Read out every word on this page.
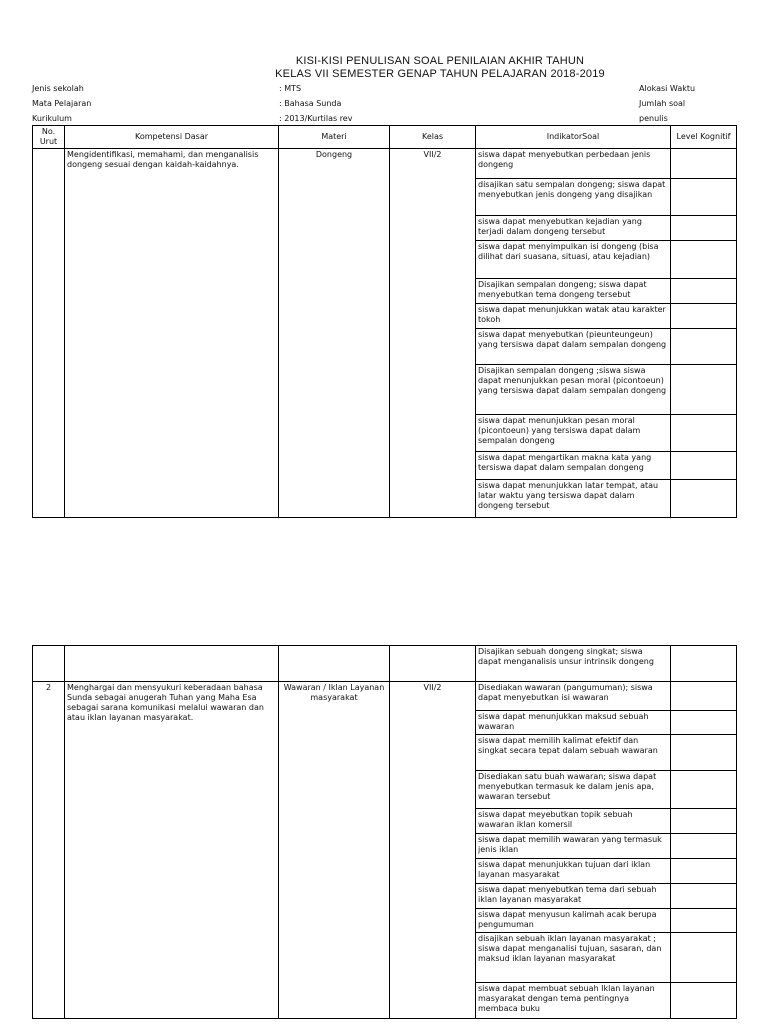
KISI-KISI PENULISAN SOAL PENILAIAN AKHIR TAHUN
KELAS VII SEMESTER GENAP TAHUN PELAJARAN 2018-2019
Jenis sekolah	: MTS
Mata Pelajaran	: Bahasa Sunda
Kurikulum	: 2013/Kurtilas rev
Alokasi Waktu
Jumlah soal
penulis
No.
Urut	Kompetensi Dasar	Materi	Kelas	IndikatorSoal	Level Kognitif
	Mengidentifikasi, memahami, dan menganalisis dongeng sesuai dengan kaidah-kaidahnya.	Dongeng	VII/2	siswa dapat menyebutkan perbedaan jenis dongeng	
				disajikan satu sempalan dongeng; siswa dapat menyebutkan jenis dongeng yang disajikan	
				siswa dapat menyebutkan kejadian yang terjadi dalam dongeng tersebut	
				siswa dapat menyimpulkan isi dongeng (bisa dilihat dari suasana, situasi, atau kejadian)	
				Disajikan sempalan dongeng; siswa dapat menyebutkan tema dongeng tersebut	
				siswa dapat menunjukkan watak atau karakter tokoh	
				siswa dapat menyebutkan (pieunteungeun) yang tersiswa dapat dalam sempalan dongeng	
				Disajikan sempalan dongeng ;siswa siswa dapat menunjukkan pesan moral (picontoeun) yang tersiswa dapat dalam sempalan dongeng	
				siswa dapat menunjukkan pesan moral (picontoeun) yang tersiswa dapat dalam sempalan dongeng	
				siswa dapat mengartikan makna kata yang tersiswa dapat dalam sempalan dongeng	
				siswa dapat menunjukkan latar tempat, atau latar waktu yang tersiswa dapat dalam dongeng tersebut	
				Disajikan sebuah dongeng singkat; siswa dapat menganalisis unsur intrinsik dongeng	
2	Menghargai dan mensyukuri keberadaan bahasa Sunda sebagai anugerah Tuhan yang Maha Esa sebagai sarana komunikasi melalui wawaran dan atau iklan layanan masyarakat.	Wawaran / Iklan Layanan masyarakat	VII/2	Disediakan wawaran (pangumuman); siswa dapat menyebutkan isi wawaran	
				siswa dapat menunjukkan maksud sebuah wawaran	
				siswa dapat memilih kalimat efektif dan singkat secara tepat dalam sebuah wawaran	
				Disediakan satu buah wawaran; siswa dapat menyebutkan termasuk ke dalam jenis apa, wawaran tersebut	
				siswa dapat meyebutkan topik sebuah wawaran iklan komersil	
				siswa dapat memilih wawaran yang termasuk jenis iklan	
				siswa dapat menunjukkan tujuan dari iklan layanan masyarakat	
				siswa dapat menyebutkan tema dari sebuah iklan layanan masyarakat	
				siswa dapat menyusun kalimah acak berupa pengumuman	
				disajikan sebuah iklan layanan masyarakat ; siswa dapat menganalisi tujuan, sasaran, dan maksud iklan layanan masyarakat	
				siswa dapat membuat sebuah Iklan layanan masyarakat dengan tema pentingnya membaca buku	
